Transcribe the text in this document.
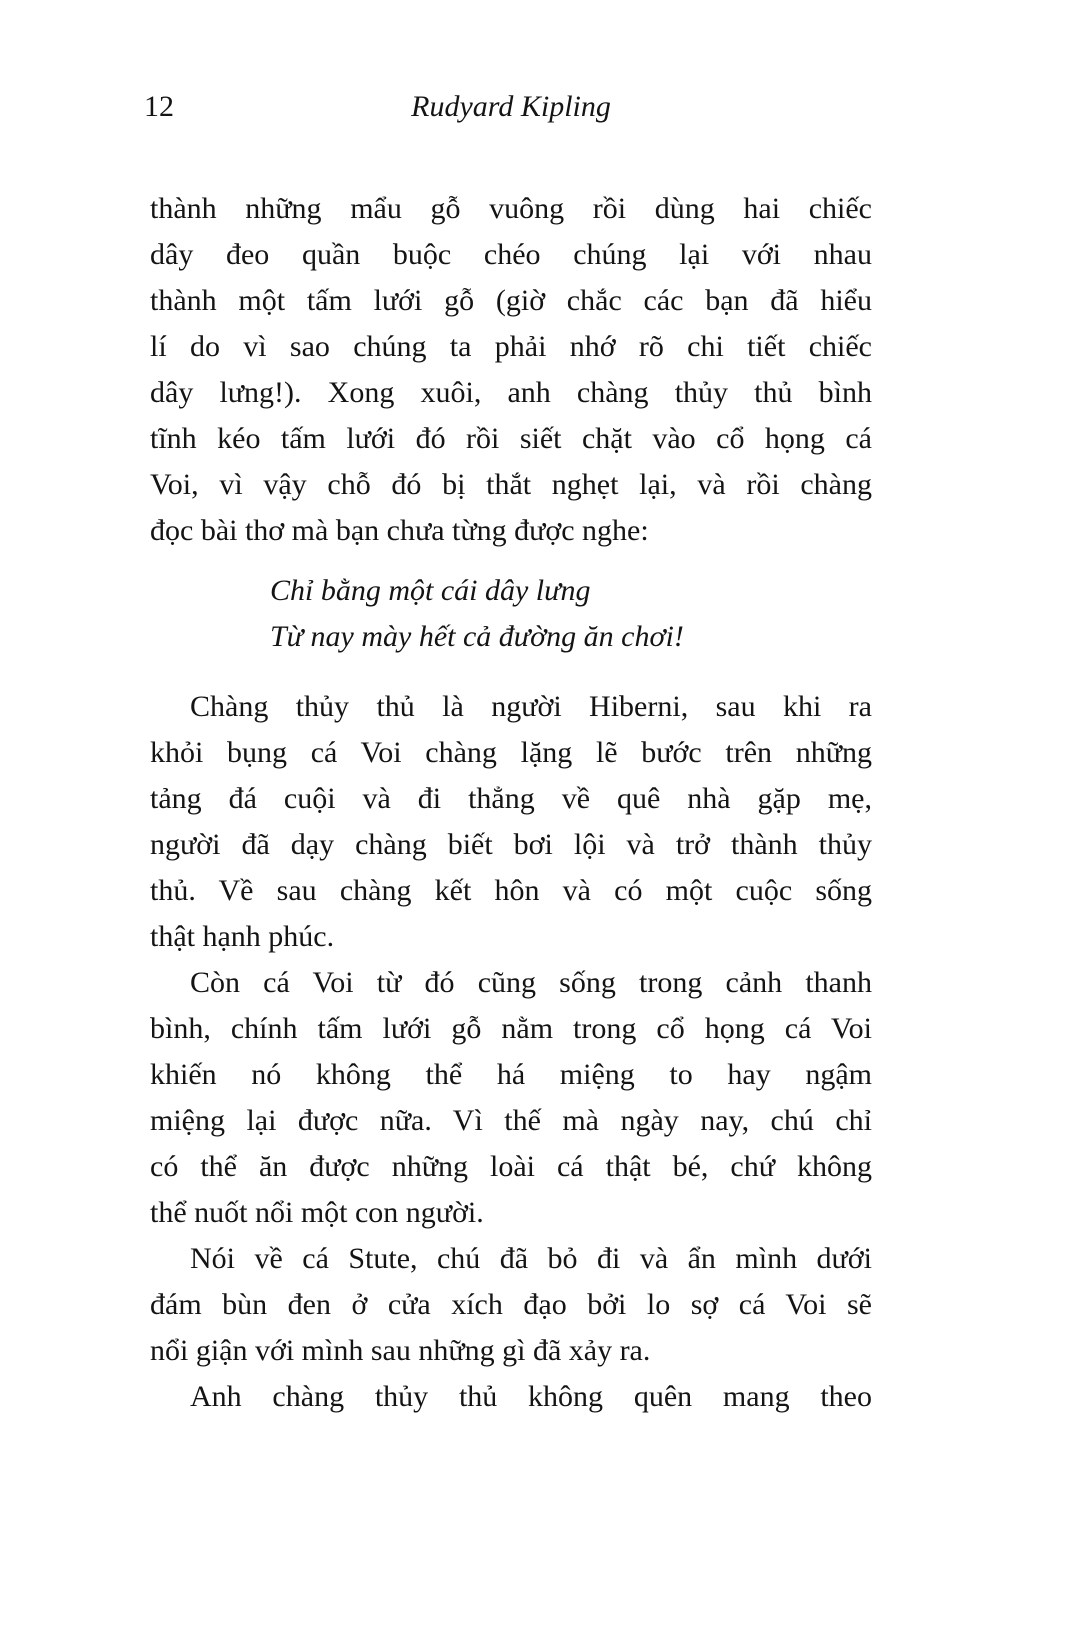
12	Rudyard Kipling
thành những mẩu gỗ vuông rồi dùng hai chiếc
dây đeo quần buộc chéo chúng lại với nhau
thành một tấm lưới gỗ (giờ chắc các bạn đã hiểu
lí do vì sao chúng ta phải nhớ rõ chi tiết chiếc
dây lưng!). Xong xuôi, anh chàng thủy thủ bình
tĩnh kéo tấm lưới đó rồi siết chặt vào cổ họng cá
Voi, vì vậy chỗ đó bị thắt nghẹt lại, và rồi chàng
đọc bài thơ mà bạn chưa từng được nghe:
Chỉ bằng một cái dây lưng
Từ nay mày hết cả đường ăn chơi!
Chàng thủy thủ là người Hiberni, sau khi ra
khỏi bụng cá Voi chàng lặng lẽ bước trên những
tảng đá cuội và đi thẳng về quê nhà gặp mẹ,
người đã dạy chàng biết bơi lội và trở thành thủy
thủ. Về sau chàng kết hôn và có một cuộc sống
thật hạnh phúc.
Còn cá Voi từ đó cũng sống trong cảnh thanh
bình, chính tấm lưới gỗ nằm trong cổ họng cá Voi
khiến nó không thể há miệng to hay ngậm
miệng lại được nữa. Vì thế mà ngày nay, chú chỉ
có thể ăn được những loài cá thật bé, chứ không
thể nuốt nổi một con người.
Nói về cá Stute, chú đã bỏ đi và ẩn mình dưới
đám bùn đen ở cửa xích đạo bởi lo sợ cá Voi sẽ
nổi giận với mình sau những gì đã xảy ra.
Anh chàng thủy thủ không quên mang theo
